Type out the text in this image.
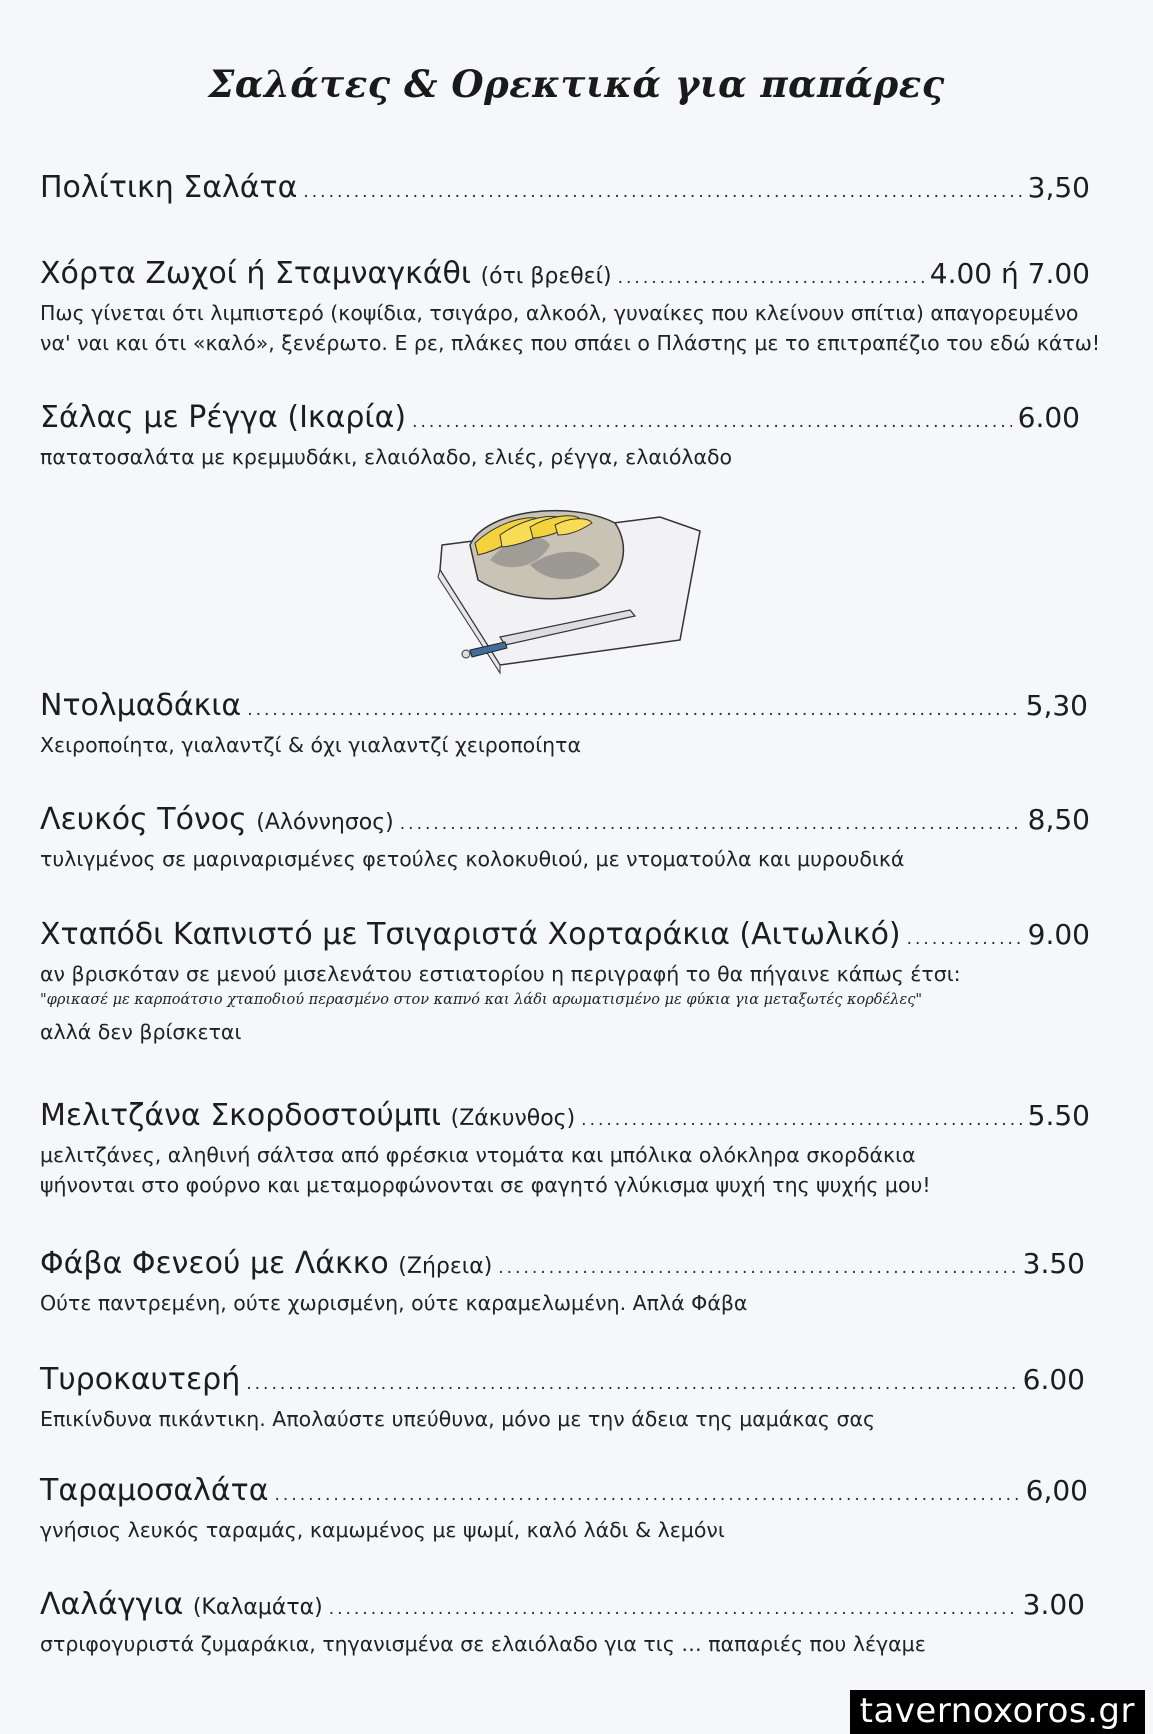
Σαλάτες & Ορεκτικά για παπάρες
Πολίτικη Σαλάτα .....	3,50
Χόρτα Ζωχοί ή Σταμναγκάθι
(ότι βρεθεί) .....	4.00 ή 7.00
Πως γίνεται ότι λιμπιστερό (κοψίδια, τσιγάρο, αλκοόλ, γυναίκες που κλείνουν σπίτια) απαγορευμένο
να' ναι και ότι «καλό», ξενέρωτο. Ε ρε, πλάκες που σπάει ο Πλάστης με το επιτραπέζιο του εδώ κάτω!
Σάλας με Ρέγγα (Ικαρία) .....	6.00
πατατοσαλάτα με κρεμμυδάκι, ελαιόλαδο, ελιές, ρέγγα, ελαιόλαδο
Ντολμαδάκια .....	5,30
Χειροποίητα, γιαλαντζί & όχι γιαλαντζί χειροποίητα
Λευκός Τόνος
(Αλόννησος) .....	8,50
τυλιγμένος σε μαριναρισμένες φετούλες κολοκυθιού, με ντοματούλα και μυρουδικά
Χταπόδι Καπνιστό με Τσιγαριστά Χορταράκια (Αιτωλικό) .....	9.00
αν βρισκόταν σε μενού μισελενάτου εστιατορίου η περιγραφή το θα πήγαινε κάπως έτσι:
"φρικασέ με καρποάτσιο χταποδιού περασμένο στον καπνό και λάδι αρωματισμένο με φύκια για μεταξωτές κορδέλες"
αλλά δεν βρίσκεται
Μελιτζάνα Σκορδοστούμπι
(Ζάκυνθος) .....	5.50
μελιτζάνες, αληθινή σάλτσα από φρέσκια ντομάτα και μπόλικα ολόκληρα σκορδάκια
ψήνονται στο φούρνο και μεταμορφώνονται σε φαγητό γλύκισμα ψυχή της ψυχής μου!
Φάβα Φενεού με Λάκκο
(Ζήρεια) .....	3.50
Ούτε παντρεμένη, ούτε χωρισμένη, ούτε καραμελωμένη. Απλά Φάβα
Τυροκαυτερή .....	6.00
Επικίνδυνα πικάντικη. Απολαύστε υπεύθυνα, μόνο με την άδεια της μαμάκας σας
Ταραμοσαλάτα .....	6,00
γνήσιος λευκός ταραμάς, καμωμένος με ψωμί, καλό λάδι & λεμόνι
Λαλάγγια
(Καλαμάτα) .....	3.00
στριφογυριστά ζυμαράκια, τηγανισμένα σε ελαιόλαδο για τις … παπαριές που λέγαμε
tavernoxoros.gr
